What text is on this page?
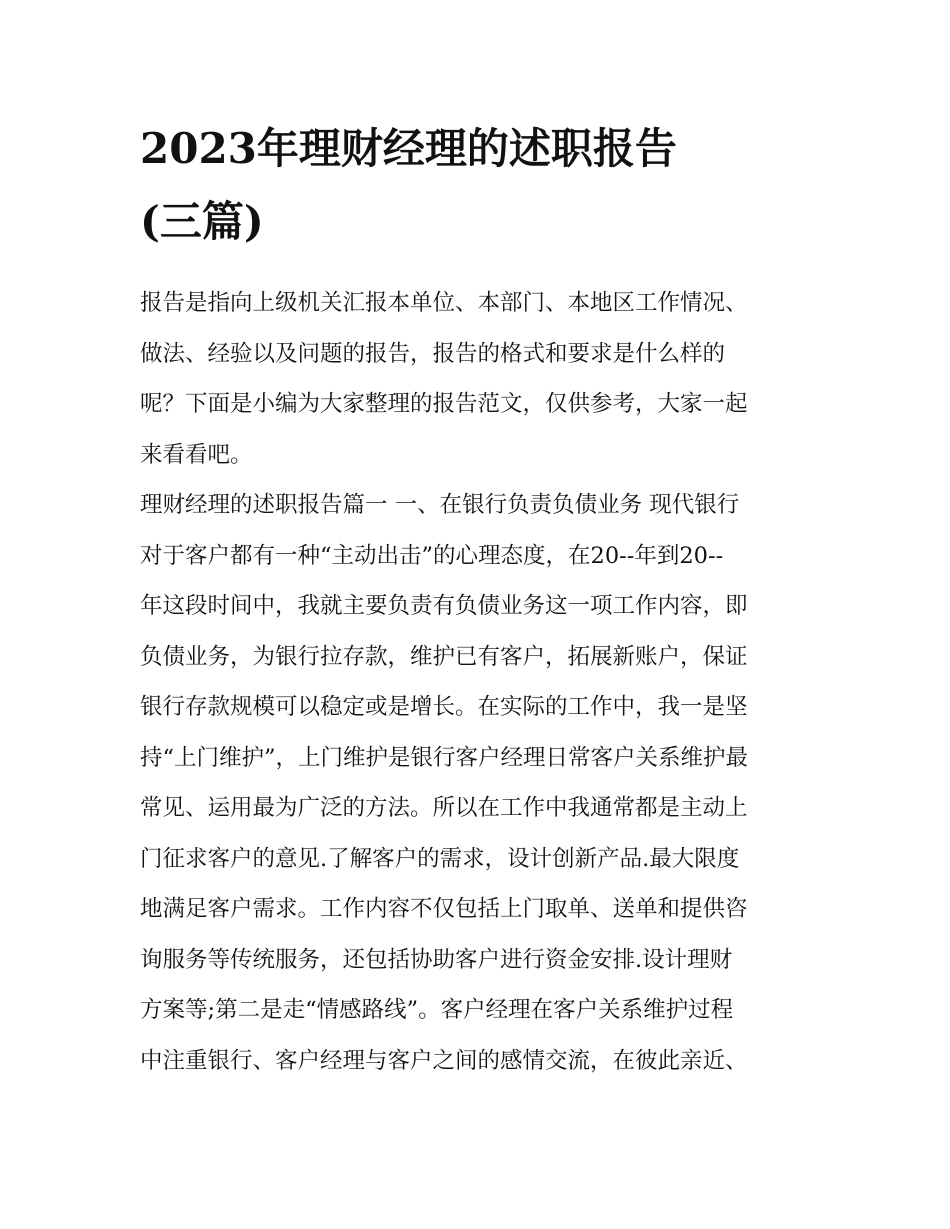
2023年理财经理的述职报告
(三篇)
报告是指向上级机关汇报本单位、本部门、本地区工作情况、
做法、经验以及问题的报告，报告的格式和要求是什么样的
呢？下面是小编为大家整理的报告范文，仅供参考，大家一起
来看看吧。
理财经理的述职报告篇一 一、在银行负责负债业务 现代银行
对于客户都有一种“主动出击”的心理态度，在20--年到20--
年这段时间中，我就主要负责有负债业务这一项工作内容，即
负债业务，为银行拉存款，维护已有客户，拓展新账户，保证
银行存款规模可以稳定或是增长。在实际的工作中，我一是坚
持“上门维护”，上门维护是银行客户经理日常客户关系维护最
常见、运用最为广泛的方法。所以在工作中我通常都是主动上
门征求客户的意见.了解客户的需求，设计创新产品.最大限度
地满足客户需求。工作内容不仅包括上门取单、送单和提供咨
询服务等传统服务，还包括协助客户进行资金安排.设计理财
方案等;第二是走“情感路线”。客户经理在客户关系维护过程
中注重银行、客户经理与客户之间的感情交流，在彼此亲近、
